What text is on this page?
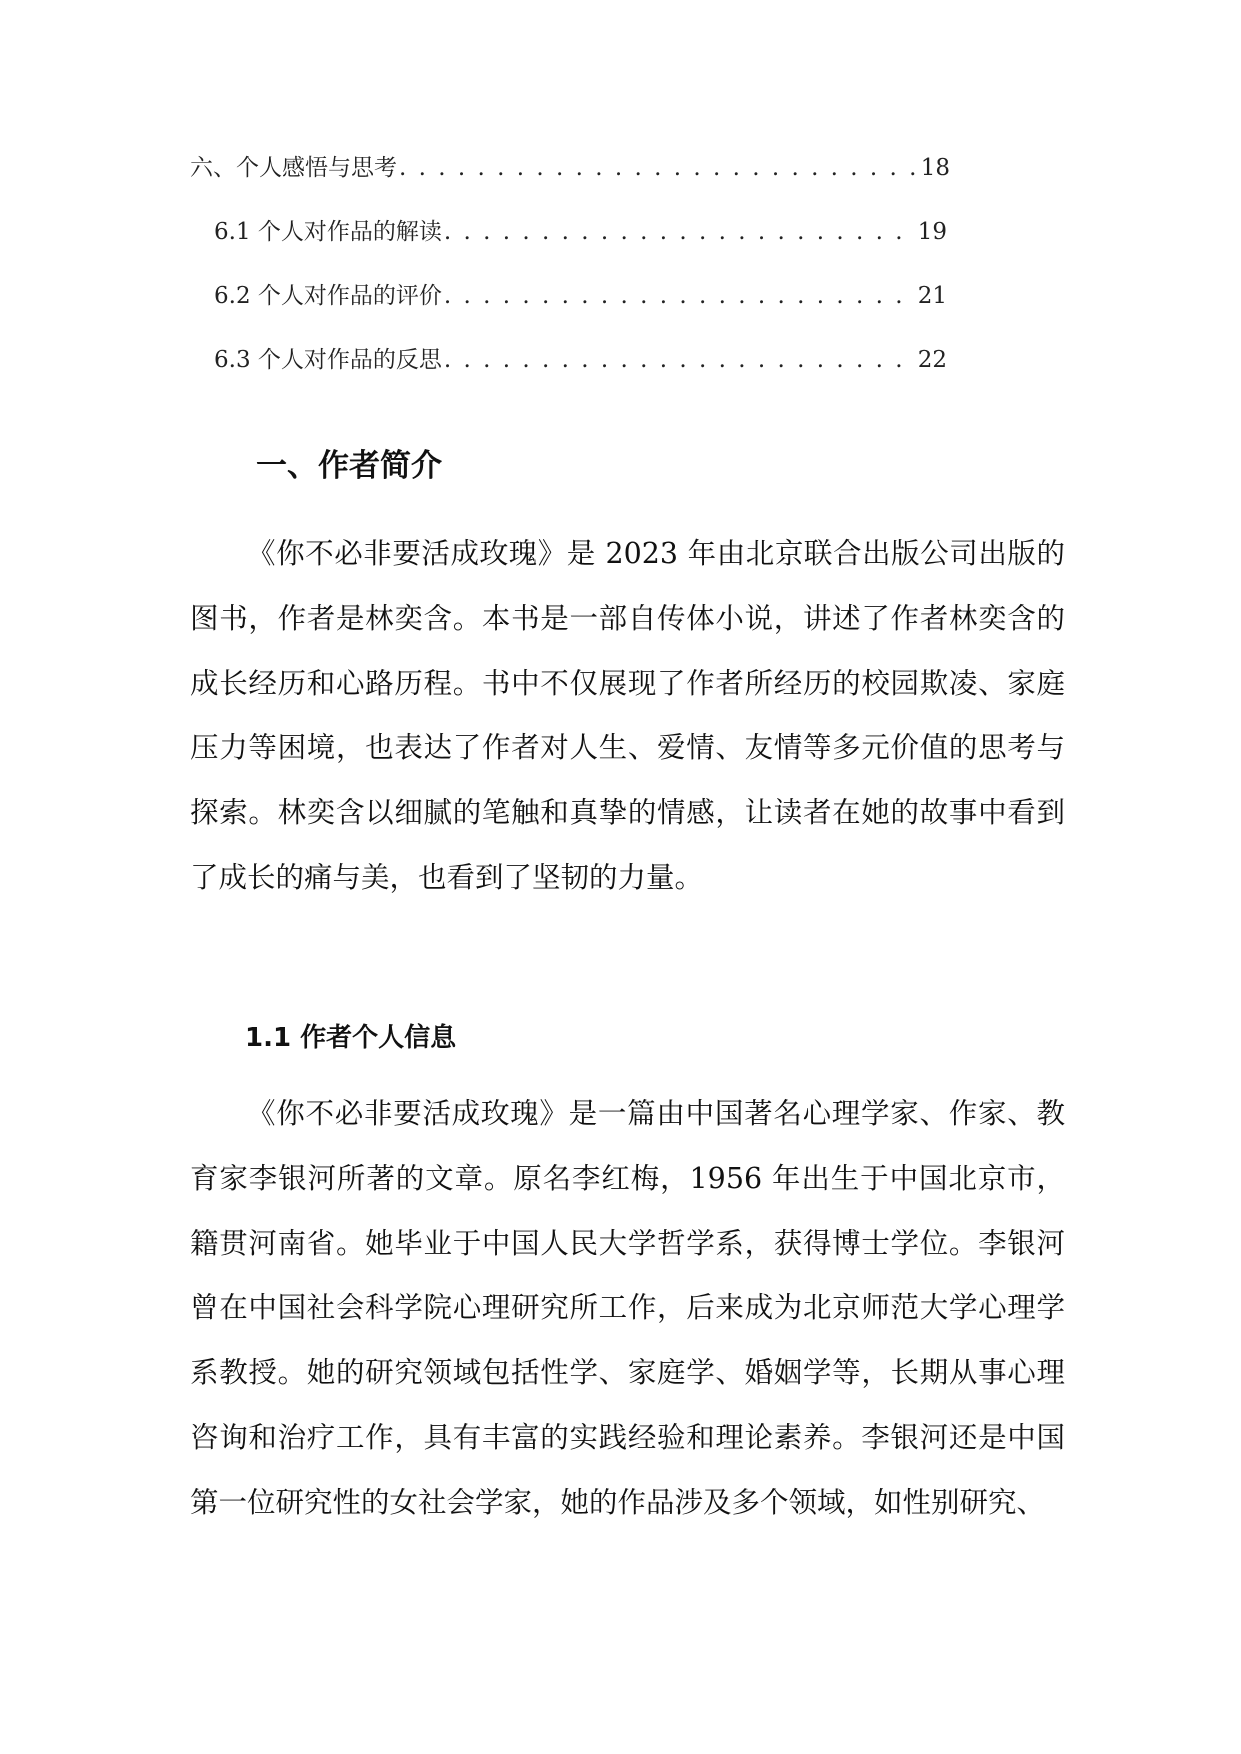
六、个人感悟与思考 . . .	18
6.1 个人对作品的解读 . . .	19
6.2 个人对作品的评价 . . .	21
6.3 个人对作品的反思 . . .	22
一、作者简介

《你不必非要活成玫瑰》是 2023 年由北京联合出版公司出版的图书，作者是林奕含。本书是一部自传体小说，讲述了作者林奕含的成长经历和心路历程。书中不仅展现了作者所经历的校园欺凌、家庭压力等困境，也表达了作者对人生、爱情、友情等多元价值的思考与探索。林奕含以细腻的笔触和真挚的情感，让读者在她的故事中看到了成长的痛与美，也看到了坚韧的力量。

1.1 作者个人信息

《你不必非要活成玫瑰》是一篇由中国著名心理学家、作家、教育家李银河所著的文章。原名李红梅，1956 年出生于中国北京市，籍贯河南省。她毕业于中国人民大学哲学系，获得博士学位。李银河曾在中国社会科学院心理研究所工作，后来成为北京师范大学心理学系教授。她的研究领域包括性学、家庭学、婚姻学等，长期从事心理咨询和治疗工作，具有丰富的实践经验和理论素养。李银河还是中国第一位研究性的女社会学家，她的作品涉及多个领域，如性别研究、
